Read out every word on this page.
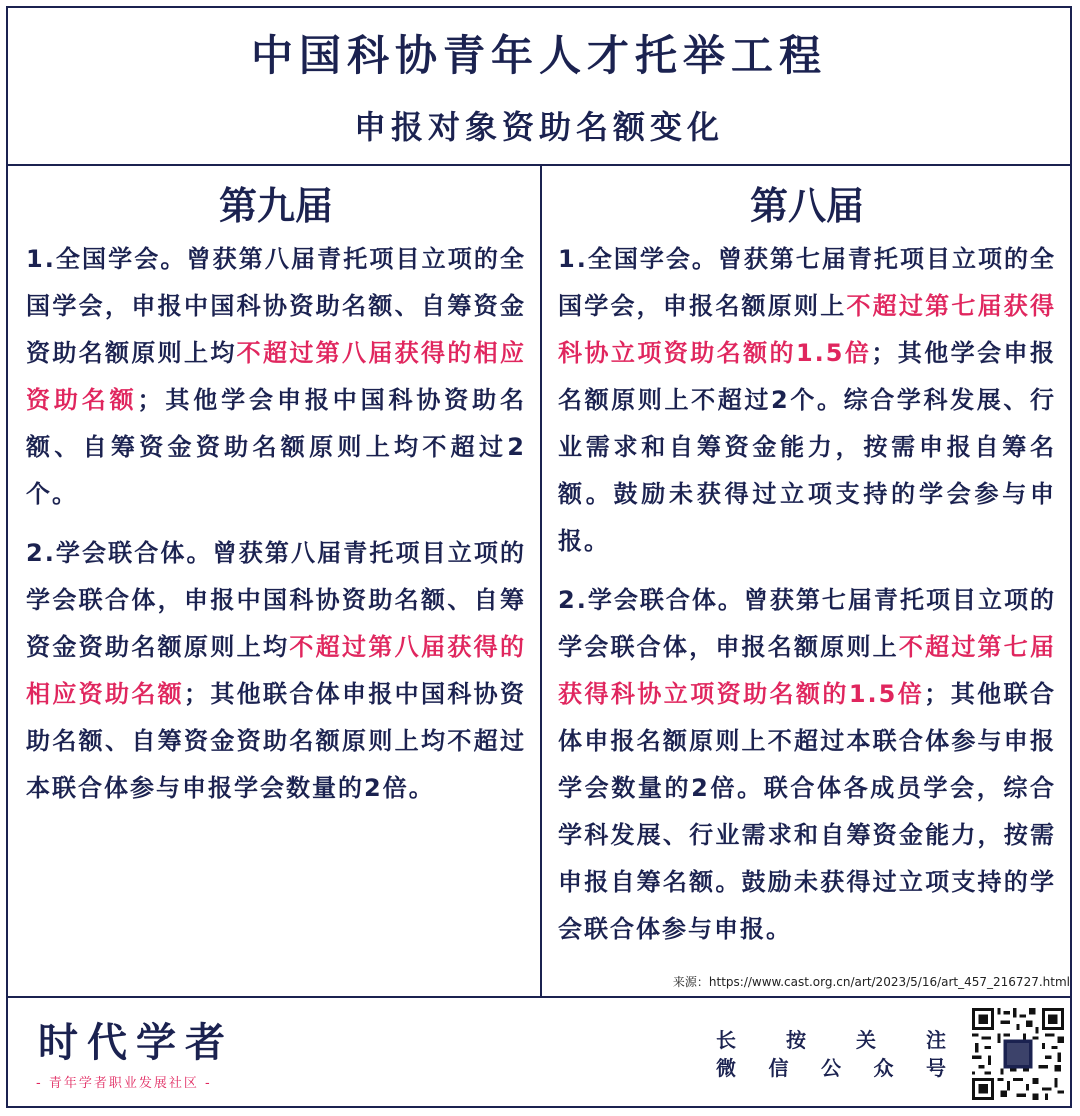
中国科协青年人才托举工程
申报对象资助名额变化
第九届

1.全国学会。曾获第八届青托项目立项的全国学会，申报中国科协资助名额、自筹资金资助名额原则上均不超过第八届获得的相应资助名额；其他学会申报中国科协资助名额、自筹资金资助名额原则上均不超过2个。

2.学会联合体。曾获第八届青托项目立项的学会联合体，申报中国科协资助名额、自筹资金资助名额原则上均不超过第八届获得的相应资助名额；其他联合体申报中国科协资助名额、自筹资金资助名额原则上均不超过本联合体参与申报学会数量的2倍。

第八届

1.全国学会。曾获第七届青托项目立项的全国学会，申报名额原则上不超过第七届获得科协立项资助名额的1.5倍；其他学会申报名额原则上不超过2个。综合学科发展、行业需求和自筹资金能力，按需申报自筹名额。鼓励未获得过立项支持的学会参与申报。

2.学会联合体。曾获第七届青托项目立项的学会联合体，申报名额原则上不超过第七届获得科协立项资助名额的1.5倍；其他联合体申报名额原则上不超过本联合体参与申报学会数量的2倍。联合体各成员学会，综合学科发展、行业需求和自筹资金能力，按需申报自筹名额。鼓励未获得过立项支持的学会联合体参与申报。

来源：https://www.cast.org.cn/art/2023/5/16/art_457_216727.html
时代学者
- 青年学者职业发展社区 -
长	按	关	注
微 信 公 众 号
